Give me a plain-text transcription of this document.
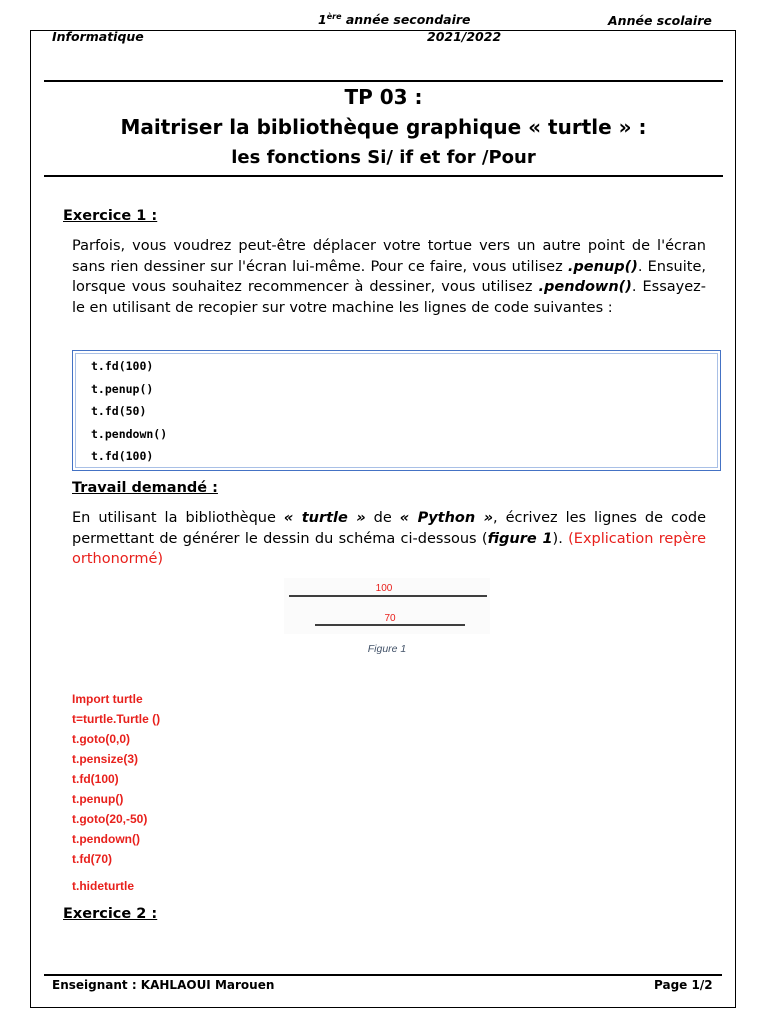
1ère année secondaire	Année scolaire
Informatique	2021/2022
TP 03 :
Maitriser la bibliothèque graphique « turtle » :
les fonctions Si/ if et for /Pour
Exercice 1 :
Parfois, vous voudrez peut-être déplacer votre tortue vers un autre point de l'écran sans rien dessiner sur l'écran lui-même. Pour ce faire, vous utilisez .penup(). Ensuite, lorsque vous souhaitez recommencer à dessiner, vous utilisez .pendown(). Essayez-le en utilisant de recopier sur votre machine les lignes de code suivantes :
t.fd(100)
t.penup()
t.fd(50)
t.pendown()
t.fd(100)
Travail demandé :
En utilisant la bibliothèque « turtle » de « Python », écrivez les lignes de code permettant de générer le dessin du schéma ci-dessous (figure 1). (Explication repère orthonormé)
100
70
Figure 1
Import turtle
t=turtle.Turtle ()
t.goto(0,0)
t.pensize(3)
t.fd(100)
t.penup()
t.goto(20,-50)
t.pendown()
t.fd(70)
t.hideturtle
Exercice 2 :
Enseignant : KAHLAOUI Marouen	Page 1/2
